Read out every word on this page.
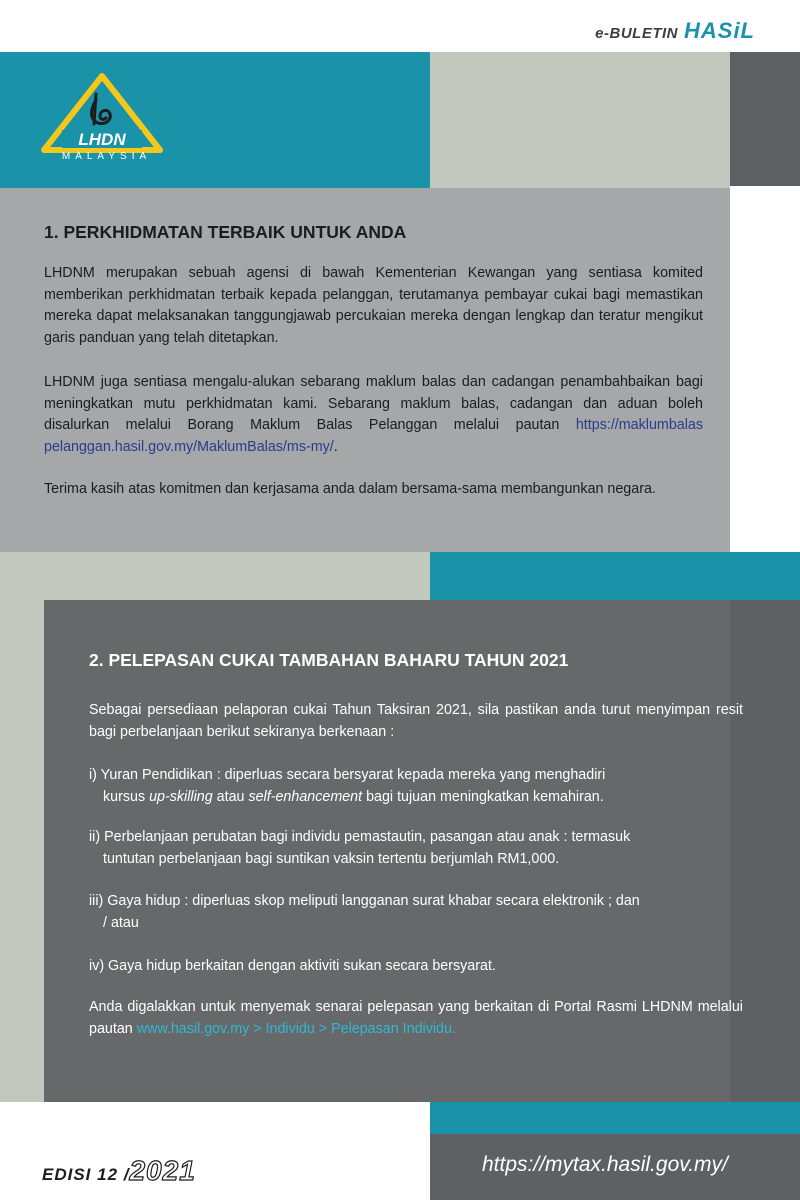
e-BULETIN HASiL
LHDN
MALAYSIA
1. PERKHIDMATAN TERBAIK UNTUK ANDA
LHDNM merupakan sebuah agensi di bawah Kementerian Kewangan yang sentiasa komited memberikan perkhidmatan terbaik kepada pelanggan, terutamanya pembayar cukai bagi memastikan mereka dapat melaksanakan tanggungjawab percukaian mereka dengan lengkap dan teratur mengikut garis panduan yang telah ditetapkan.
LHDNM juga sentiasa mengalu-alukan sebarang maklum balas dan cadangan penambahbaikan bagi meningkatkan mutu perkhidmatan kami. Sebarang maklum balas, cadangan dan aduan boleh disalurkan melalui Borang Maklum Balas Pelanggan melalui pautan https://maklumbalas pelanggan.hasil.gov.my/MaklumBalas/ms-my/.
Terima kasih atas komitmen dan kerjasama anda dalam bersama-sama membangunkan negara.
2. PELEPASAN CUKAI TAMBAHAN BAHARU TAHUN 2021
Sebagai persediaan pelaporan cukai Tahun Taksiran 2021, sila pastikan anda turut menyimpan resit bagi perbelanjaan berikut sekiranya berkenaan :
i) Yuran Pendidikan : diperluas secara bersyarat kepada mereka yang menghadiri
kursus up-skilling atau self-enhancement bagi tujuan meningkatkan kemahiran.
ii) Perbelanjaan perubatan bagi individu pemastautin, pasangan atau anak : termasuk
tuntutan perbelanjaan bagi suntikan vaksin tertentu berjumlah RM1,000.
iii) Gaya hidup : diperluas skop meliputi langganan surat khabar secara elektronik ; dan
/ atau
iv) Gaya hidup berkaitan dengan aktiviti sukan secara bersyarat.
Anda digalakkan untuk menyemak senarai pelepasan yang berkaitan di Portal Rasmi LHDNM melalui pautan www.hasil.gov.my > Individu > Pelepasan Individu.
EDISI 12 /2021	https://mytax.hasil.gov.my/
